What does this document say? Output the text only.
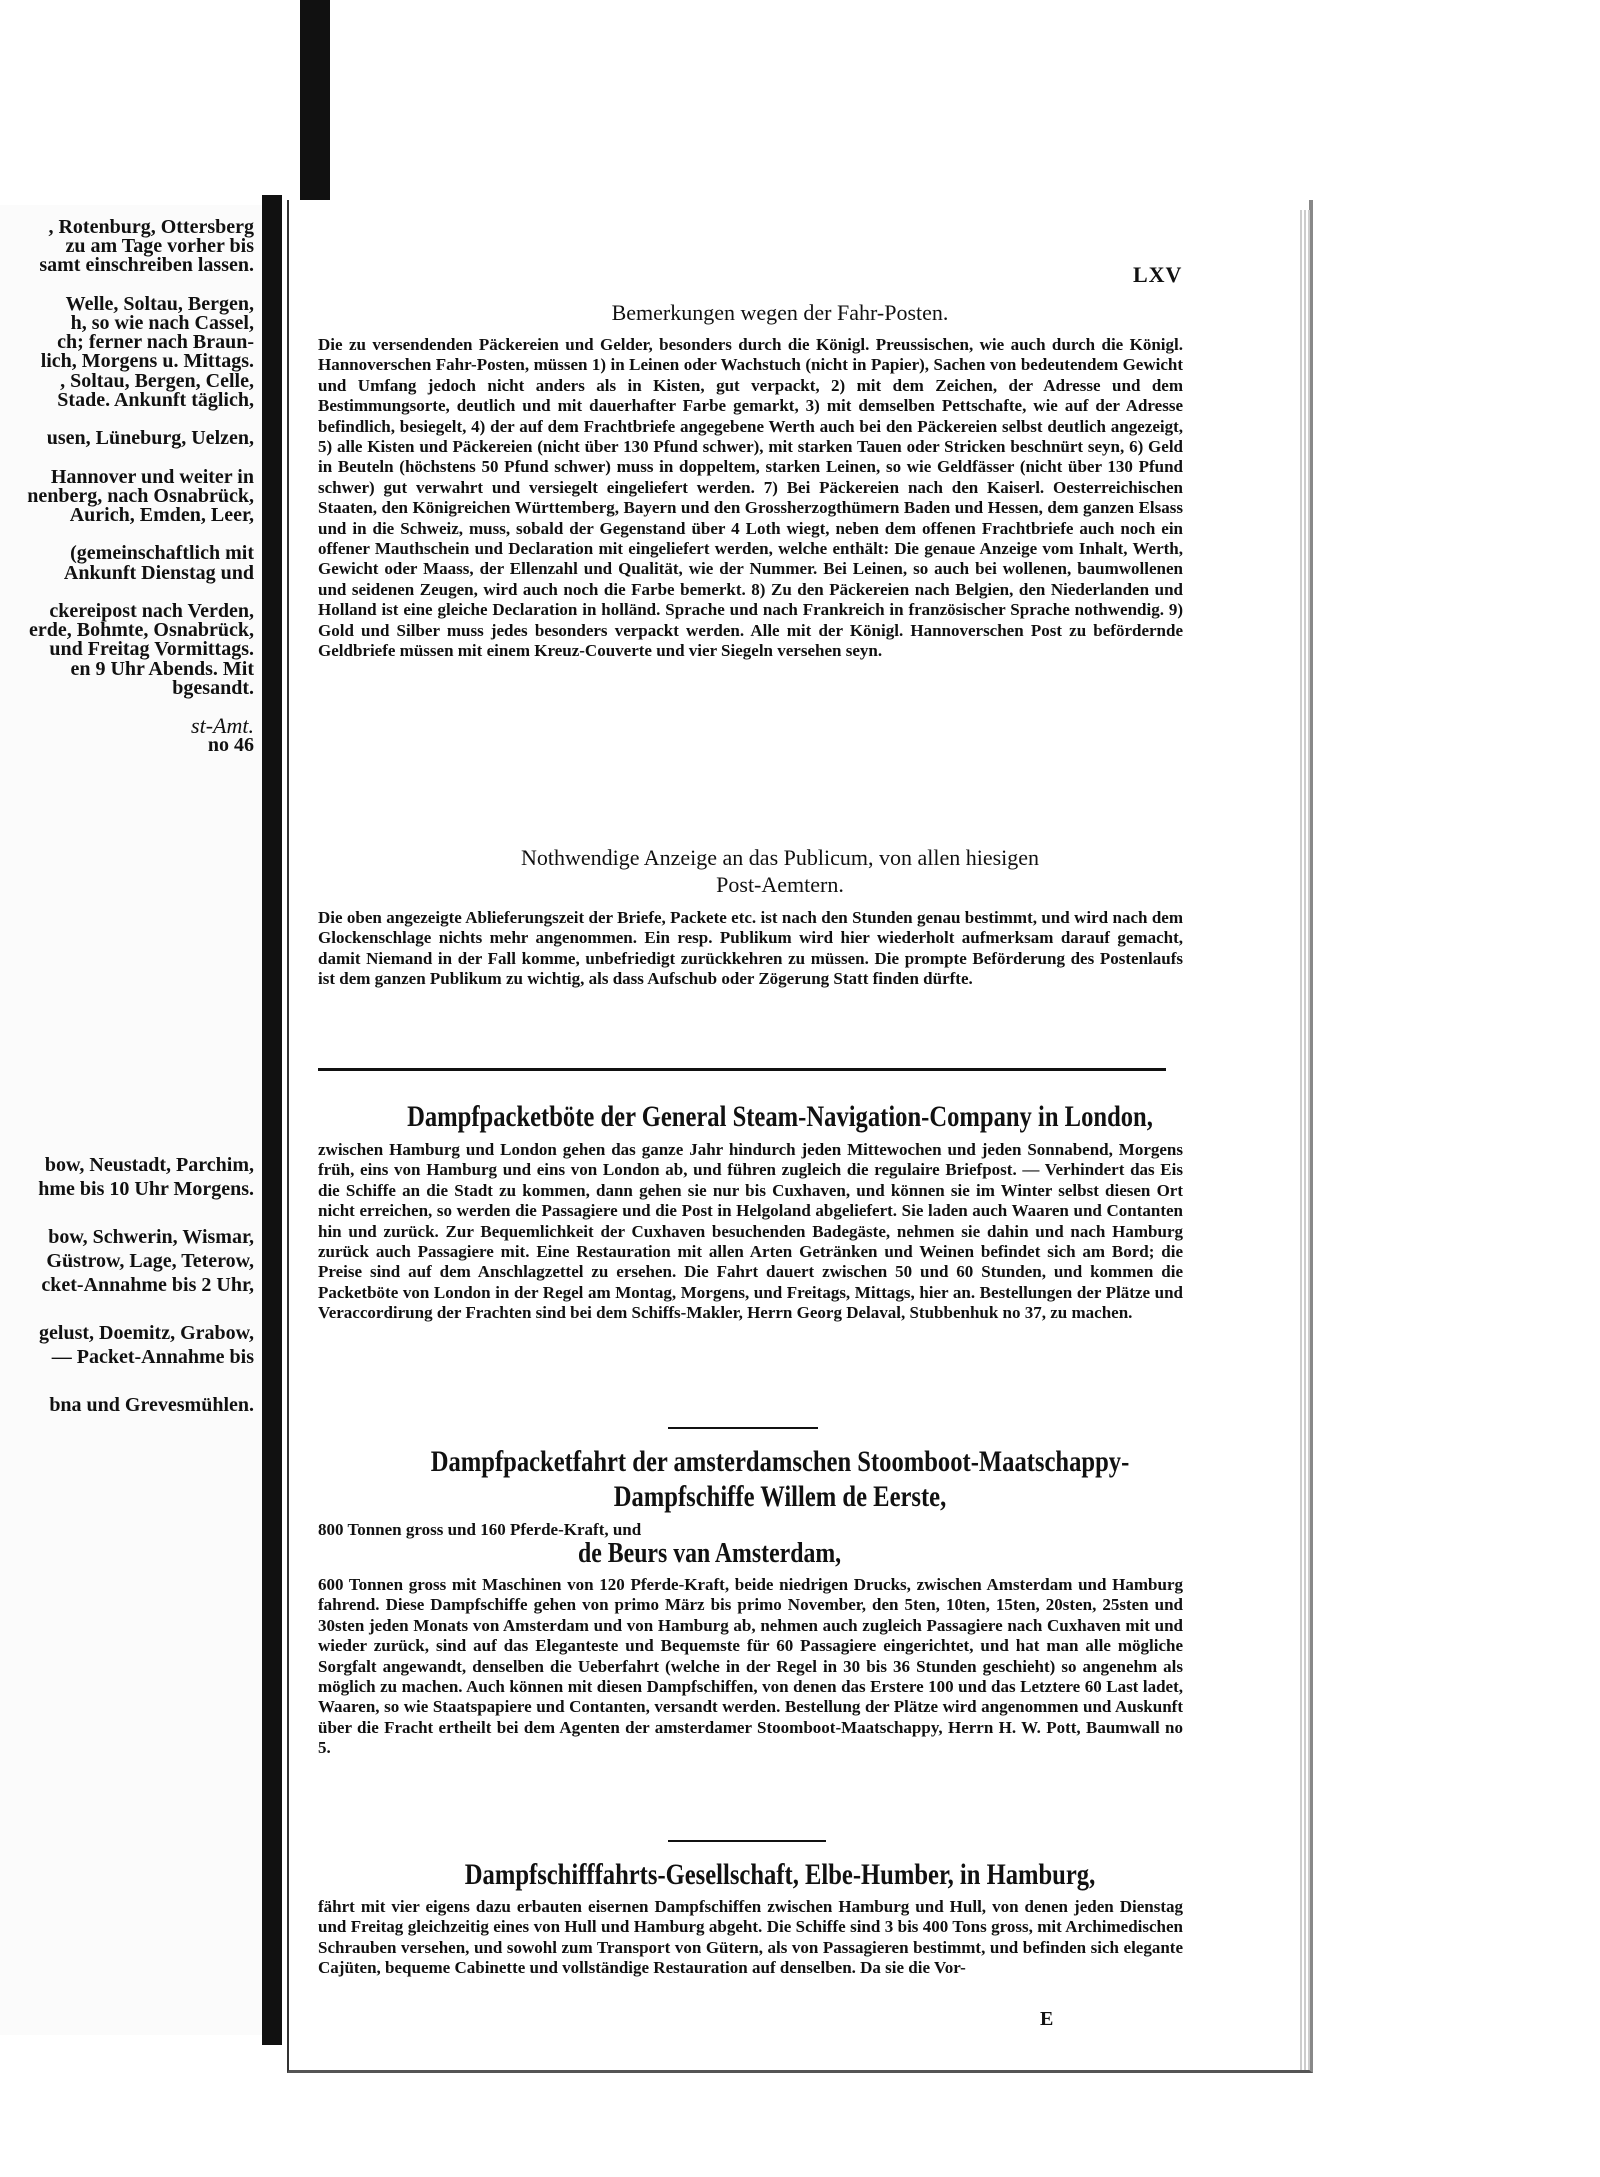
, Rotenburg, Ottersberg
zu am Tage vorher bis
samt einschreiben lassen.
Welle, Soltau, Bergen,
h, so wie nach Cassel,
ch; ferner nach Braun-
lich, Morgens u. Mittags.
, Soltau, Bergen, Celle,
Stade. Ankunft täglich,
usen, Lüneburg, Uelzen,
Hannover und weiter in
nenberg, nach Osnabrück,
Aurich, Emden, Leer,
(gemeinschaftlich mit
Ankunft Dienstag und
ckereipost nach Verden,
erde, Bohmte, Osnabrück,
und Freitag Vormittags.
en 9 Uhr Abends. Mit
bgesandt.
st-Amt.
no 46
bow, Neustadt, Parchim,
hme bis 10 Uhr Morgens.
bow, Schwerin, Wismar,
Güstrow, Lage, Teterow,
cket-Annahme bis 2 Uhr,
gelust, Doemitz, Grabow,
— Packet-Annahme bis
bna und Grevesmühlen.
LXV
Bemerkungen wegen der Fahr-Posten.
Die zu versendenden Päckereien und Gelder, besonders durch die Königl. Preussischen, wie auch durch die Königl. Hannoverschen Fahr-Posten, müssen 1) in Leinen oder Wachstuch (nicht in Papier), Sachen von bedeutendem Gewicht und Umfang jedoch nicht anders als in Kisten, gut verpackt, 2) mit dem Zeichen, der Adresse und dem Bestimmungsorte, deutlich und mit dauerhafter Farbe gemarkt, 3) mit demselben Pettschafte, wie auf der Adresse befindlich, besiegelt, 4) der auf dem Frachtbriefe angegebene Werth auch bei den Päckereien selbst deutlich angezeigt, 5) alle Kisten und Päckereien (nicht über 130 Pfund schwer), mit starken Tauen oder Stricken beschnürt seyn, 6) Geld in Beuteln (höchstens 50 Pfund schwer) muss in doppeltem, starken Leinen, so wie Geldfässer (nicht über 130 Pfund schwer) gut verwahrt und versiegelt eingeliefert werden. 7) Bei Päckereien nach den Kaiserl. Oesterreichischen Staaten, den Königreichen Württemberg, Bayern und den Grossherzogthümern Baden und Hessen, dem ganzen Elsass und in die Schweiz, muss, sobald der Gegenstand über 4 Loth wiegt, neben dem offenen Frachtbriefe auch noch ein offener Mauthschein und Declaration mit eingeliefert werden, welche enthält: Die genaue Anzeige vom Inhalt, Werth, Gewicht oder Maass, der Ellenzahl und Qualität, wie der Nummer. Bei Leinen, so auch bei wollenen, baumwollenen und seidenen Zeugen, wird auch noch die Farbe bemerkt. 8) Zu den Päckereien nach Belgien, den Niederlanden und Holland ist eine gleiche Declaration in holländ. Sprache und nach Frankreich in französischer Sprache nothwendig. 9) Gold und Silber muss jedes besonders verpackt werden. Alle mit der Königl. Hannoverschen Post zu befördernde Geldbriefe müssen mit einem Kreuz-Couverte und vier Siegeln versehen seyn.
Nothwendige Anzeige an das Publicum, von allen hiesigen
Post-Aemtern.
Die oben angezeigte Ablieferungszeit der Briefe, Packete etc. ist nach den Stunden genau bestimmt, und wird nach dem Glockenschlage nichts mehr angenommen. Ein resp. Publikum wird hier wiederholt aufmerksam darauf gemacht, damit Niemand in der Fall komme, unbefriedigt zurückkehren zu müssen. Die prompte Beförderung des Postenlaufs ist dem ganzen Publikum zu wichtig, als dass Aufschub oder Zögerung Statt finden dürfte.
Dampfpacketböte der General Steam-Navigation-Company in London,
zwischen Hamburg und London gehen das ganze Jahr hindurch jeden Mittewochen und jeden Sonnabend, Morgens früh, eins von Hamburg und eins von London ab, und führen zugleich die regulaire Briefpost. — Verhindert das Eis die Schiffe an die Stadt zu kommen, dann gehen sie nur bis Cuxhaven, und können sie im Winter selbst diesen Ort nicht erreichen, so werden die Passagiere und die Post in Helgoland abgeliefert. Sie laden auch Waaren und Contanten hin und zurück. Zur Bequemlichkeit der Cuxhaven besuchenden Badegäste, nehmen sie dahin und nach Hamburg zurück auch Passagiere mit. Eine Restauration mit allen Arten Getränken und Weinen befindet sich am Bord; die Preise sind auf dem Anschlagzettel zu ersehen. Die Fahrt dauert zwischen 50 und 60 Stunden, und kommen die Packetböte von London in der Regel am Montag, Morgens, und Freitags, Mittags, hier an. Bestellungen der Plätze und Veraccordirung der Frachten sind bei dem Schiffs-Makler, Herrn Georg Delaval, Stubbenhuk no 37, zu machen.
Dampfpacketfahrt der amsterdamschen Stoomboot-Maatschappy-
Dampfschiffe Willem de Eerste,
800 Tonnen gross und 160 Pferde-Kraft, und
de Beurs van Amsterdam,
600 Tonnen gross mit Maschinen von 120 Pferde-Kraft, beide niedrigen Drucks, zwischen Amsterdam und Hamburg fahrend. Diese Dampfschiffe gehen von primo März bis primo November, den 5ten, 10ten, 15ten, 20sten, 25sten und 30sten jeden Monats von Amsterdam und von Hamburg ab, nehmen auch zugleich Passagiere nach Cuxhaven mit und wieder zurück, sind auf das Eleganteste und Bequemste für 60 Passagiere eingerichtet, und hat man alle mögliche Sorgfalt angewandt, denselben die Ueberfahrt (welche in der Regel in 30 bis 36 Stunden geschieht) so angenehm als möglich zu machen. Auch können mit diesen Dampfschiffen, von denen das Erstere 100 und das Letztere 60 Last ladet, Waaren, so wie Staatspapiere und Contanten, versandt werden. Bestellung der Plätze wird angenommen und Auskunft über die Fracht ertheilt bei dem Agenten der amsterdamer Stoomboot-Maatschappy, Herrn H. W. Pott, Baumwall no 5.
Dampfschifffahrts-Gesellschaft, Elbe-Humber, in Hamburg,
fährt mit vier eigens dazu erbauten eisernen Dampfschiffen zwischen Hamburg und Hull, von denen jeden Dienstag und Freitag gleichzeitig eines von Hull und Hamburg abgeht. Die Schiffe sind 3 bis 400 Tons gross, mit Archimedischen Schrauben versehen, und sowohl zum Transport von Gütern, als von Passagieren bestimmt, und befinden sich elegante Cajüten, bequeme Cabinette und vollständige Restauration auf denselben. Da sie die Vor-
E
